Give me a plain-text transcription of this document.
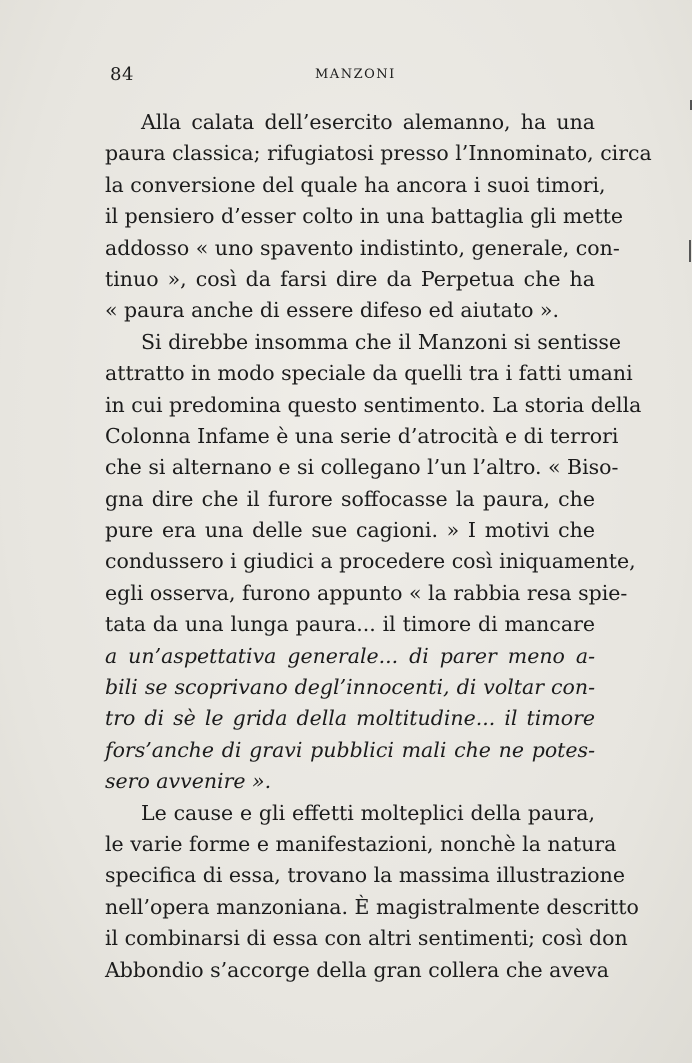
84	MANZONI
Alla calata dell’esercito alemanno, ha una
paura classica; rifugiatosi presso l’Innominato, circa
la conversione del quale ha ancora i suoi timori,
il pensiero d’esser colto in una battaglia gli mette
addosso « uno spavento indistinto, generale, con-
tinuo », così da farsi dire da Perpetua che ha
« paura anche di essere difeso ed aiutato ».
Si direbbe insomma che il Manzoni si sentisse
attratto in modo speciale da quelli tra i fatti umani
in cui predomina questo sentimento. La storia della
Colonna Infame è una serie d’atrocità e di terrori
che si alternano e si collegano l’un l’altro. « Biso-
gna dire che il furore soffocasse la paura, che
pure era una delle sue cagioni. » I motivi che
condussero i giudici a procedere così iniquamente,
egli osserva, furono appunto « la rabbia resa spie-
tata da una lunga paura... il timore di mancare
a un’aspettativa generale... di parer meno a-
bili se scoprivano degl’innocenti, di voltar con-
tro di sè le grida della moltitudine... il timore
fors’anche di gravi pubblici mali che ne potes-
sero avvenire ».
Le cause e gli effetti molteplici della paura,
le varie forme e manifestazioni, nonchè la natura
specifica di essa, trovano la massima illustrazione
nell’opera manzoniana. È magistralmente descritto
il combinarsi di essa con altri sentimenti; così don
Abbondio s’accorge della gran collera che aveva
